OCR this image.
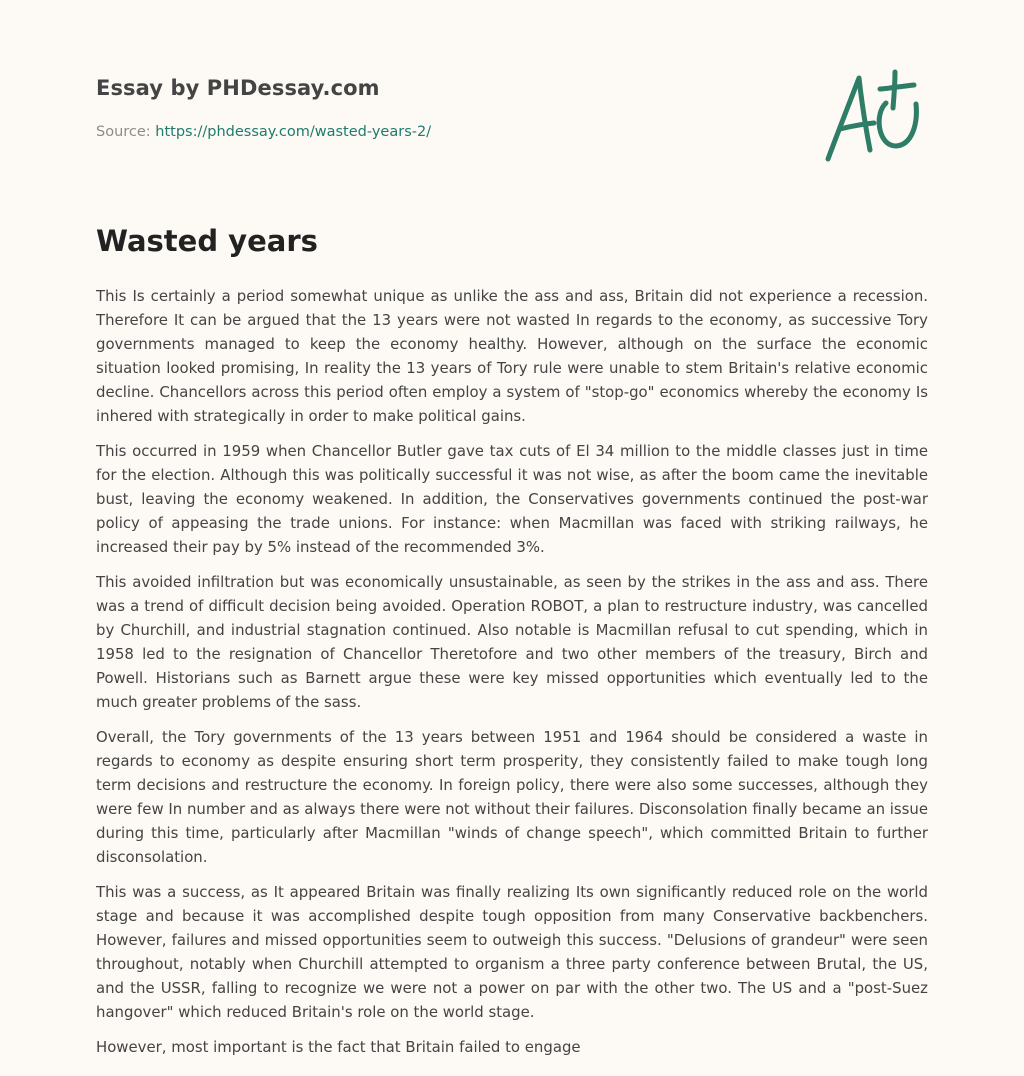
Essay by PHDessay.com
Source: https://phdessay.com/wasted-years-2/
Wasted years

This Is certainly a period somewhat unique as unlike the ass and ass, Britain did not experience a recession. Therefore It can be argued that the 13 years were not wasted In regards to the economy, as successive Tory governments managed to keep the economy healthy. However, although on the surface the economic situation looked promising, In reality the 13 years of Tory rule were unable to stem Britain's relative economic decline. Chancellors across this period often employ a system of "stop-go" economics whereby the economy Is inhered with strategically in order to make political gains.

This occurred in 1959 when Chancellor Butler gave tax cuts of El 34 million to the middle classes just in time for the election. Although this was politically successful it was not wise, as after the boom came the inevitable bust, leaving the economy weakened. In addition, the Conservatives governments continued the post-war policy of appeasing the trade unions. For instance: when Macmillan was faced with striking railways, he increased their pay by 5% instead of the recommended 3%.

This avoided infiltration but was economically unsustainable, as seen by the strikes in the ass and ass. There was a trend of difficult decision being avoided. Operation ROBOT, a plan to restructure industry, was cancelled by Churchill, and industrial stagnation continued. Also notable is Macmillan refusal to cut spending, which in 1958 led to the resignation of Chancellor Theretofore and two other members of the treasury, Birch and Powell. Historians such as Barnett argue these were key missed opportunities which eventually led to the much greater problems of the sass.

Overall, the Tory governments of the 13 years between 1951 and 1964 should be considered a waste in regards to economy as despite ensuring short term prosperity, they consistently failed to make tough long term decisions and restructure the economy. In foreign policy, there were also some successes, although they were few In number and as always there were not without their failures. Disconsolation finally became an issue during this time, particularly after Macmillan "winds of change speech", which committed Britain to further disconsolation.

This was a success, as It appeared Britain was finally realizing Its own significantly reduced role on the world stage and because it was accomplished despite tough opposition from many Conservative backbenchers. However, failures and missed opportunities seem to outweigh this success. "Delusions of grandeur" were seen throughout, notably when Churchill attempted to organism a three party conference between Brutal, the US, and the USSR, falling to recognize we were not a power on par with the other two. The US and a "post-Suez hangover" which reduced Britain's role on the world stage.

However, most important is the fact that Britain failed to engage
